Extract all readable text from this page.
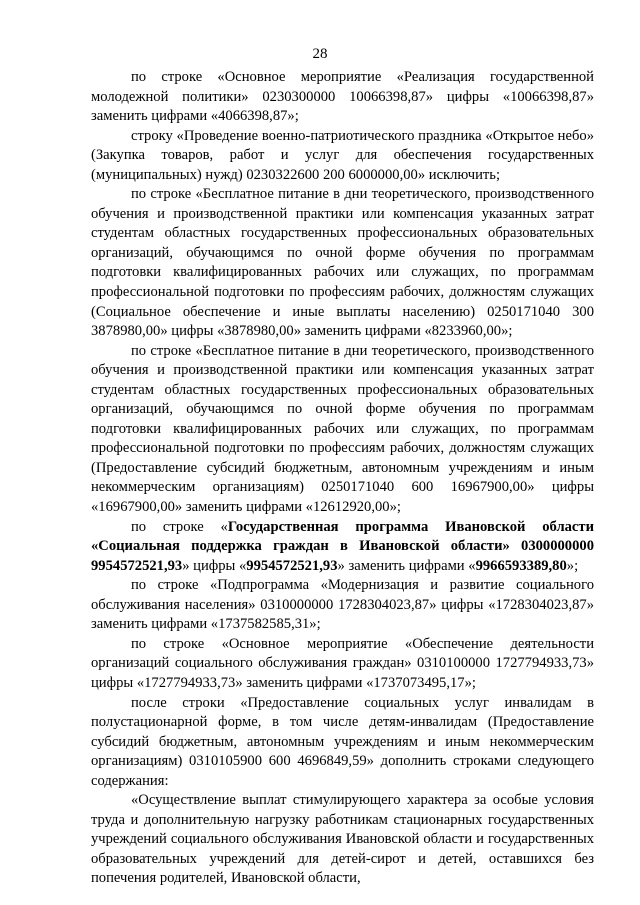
28

по строке «Основное мероприятие «Реализация государственной молодежной политики» 0230300000 10066398,87» цифры «10066398,87» заменить цифрами «4066398,87»;

строку «Проведение военно-патриотического праздника «Открытое небо» (Закупка товаров, работ и услуг для обеспечения государственных (муниципальных) нужд) 0230322600 200 6000000,00» исключить;

по строке «Бесплатное питание в дни теоретического, производственного обучения и производственной практики или компенсация указанных затрат студентам областных государственных профессиональных образовательных организаций, обучающимся по очной форме обучения по программам подготовки квалифицированных рабочих или служащих, по программам профессиональной подготовки по профессиям рабочих, должностям служащих (Социальное обеспечение и иные выплаты населению) 0250171040 300 3878980,00» цифры «3878980,00» заменить цифрами «8233960,00»;

по строке «Бесплатное питание в дни теоретического, производственного обучения и производственной практики или компенсация указанных затрат студентам областных государственных профессиональных образовательных организаций, обучающимся по очной форме обучения по программам подготовки квалифицированных рабочих или служащих, по программам профессиональной подготовки по профессиям рабочих, должностям служащих (Предоставление субсидий бюджетным, автономным учреждениям и иным некоммерческим организациям) 0250171040 600 16967900,00» цифры «16967900,00» заменить цифрами «12612920,00»;

по строке «Государственная программа Ивановской области «Социальная поддержка граждан в Ивановской области» 0300000000 9954572521,93» цифры «9954572521,93» заменить цифрами «9966593389,80»;

по строке «Подпрограмма «Модернизация и развитие социального обслуживания населения» 0310000000 1728304023,87» цифры «1728304023,87» заменить цифрами «1737582585,31»;

по строке «Основное мероприятие «Обеспечение деятельности организаций социального обслуживания граждан» 0310100000 1727794933,73» цифры «1727794933,73» заменить цифрами «1737073495,17»;

после строки «Предоставление социальных услуг инвалидам в полустационарной форме, в том числе детям-инвалидам (Предоставление субсидий бюджетным, автономным учреждениям и иным некоммерческим организациям) 0310105900 600 4696849,59» дополнить строками следующего содержания:

«Осуществление выплат стимулирующего характера за особые условия труда и дополнительную нагрузку работникам стационарных государственных учреждений социального обслуживания Ивановской области и государственных образовательных учреждений для детей-сирот и детей, оставшихся без попечения родителей, Ивановской области,
